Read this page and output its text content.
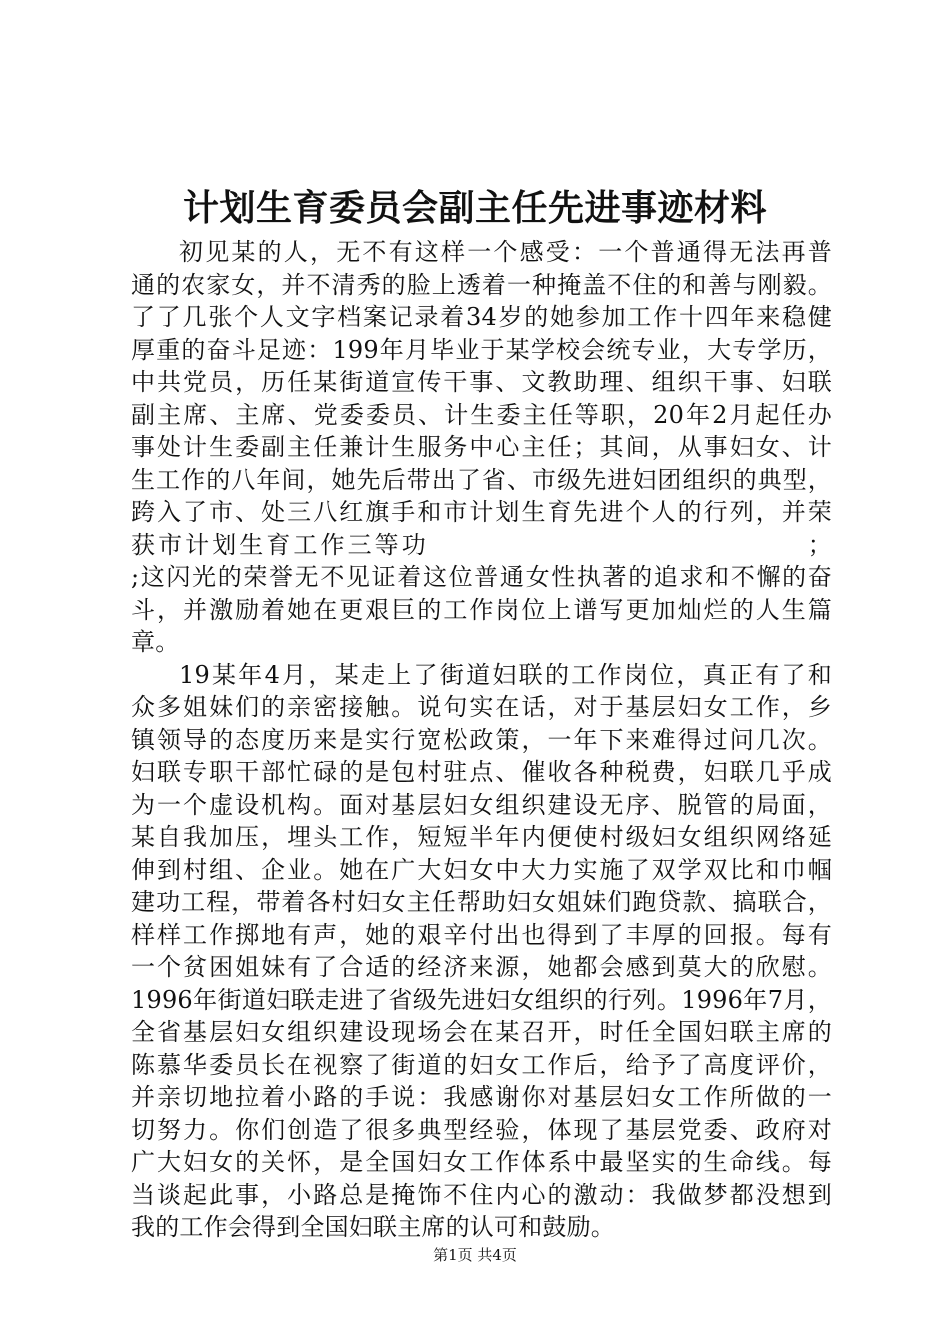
计划生育委员会副主任先进事迹材料
初见某的人，无不有这样一个感受：一个普通得无法再普
通的农家女，并不清秀的脸上透着一种掩盖不住的和善与刚毅。
了了几张个人文字档案记录着34岁的她参加工作十四年来稳健
厚重的奋斗足迹：199年月毕业于某学校会统专业，大专学历，
中共党员，历任某街道宣传干事、文教助理、组织干事、妇联
副主席、主席、党委委员、计生委主任等职，20年2月起任办
事处计生委副主任兼计生服务中心主任；其间，从事妇女、计
生工作的八年间，她先后带出了省、市级先进妇团组织的典型，
跨入了市、处三八红旗手和市计划生育先进个人的行列，并荣
获市计划生育工作三等功　　　　　　　　　　　　　　；
;这闪光的荣誉无不见证着这位普通女性执著的追求和不懈的奋
斗，并激励着她在更艰巨的工作岗位上谱写更加灿烂的人生篇
章。
19某年4月，某走上了街道妇联的工作岗位，真正有了和
众多姐妹们的亲密接触。说句实在话，对于基层妇女工作，乡
镇领导的态度历来是实行宽松政策，一年下来难得过问几次。
妇联专职干部忙碌的是包村驻点、催收各种税费，妇联几乎成
为一个虚设机构。面对基层妇女组织建设无序、脱管的局面，
某自我加压，埋头工作，短短半年内便使村级妇女组织网络延
伸到村组、企业。她在广大妇女中大力实施了双学双比和巾帼
建功工程，带着各村妇女主任帮助妇女姐妹们跑贷款、搞联合，
样样工作掷地有声，她的艰辛付出也得到了丰厚的回报。每有
一个贫困姐妹有了合适的经济来源，她都会感到莫大的欣慰。
1996年街道妇联走进了省级先进妇女组织的行列。1996年7月，
全省基层妇女组织建设现场会在某召开，时任全国妇联主席的
陈慕华委员长在视察了街道的妇女工作后，给予了高度评价，
并亲切地拉着小路的手说：我感谢你对基层妇女工作所做的一
切努力。你们创造了很多典型经验，体现了基层党委、政府对
广大妇女的关怀，是全国妇女工作体系中最坚实的生命线。每
当谈起此事，小路总是掩饰不住内心的激动：我做梦都没想到
我的工作会得到全国妇联主席的认可和鼓励。
第1页 共4页
